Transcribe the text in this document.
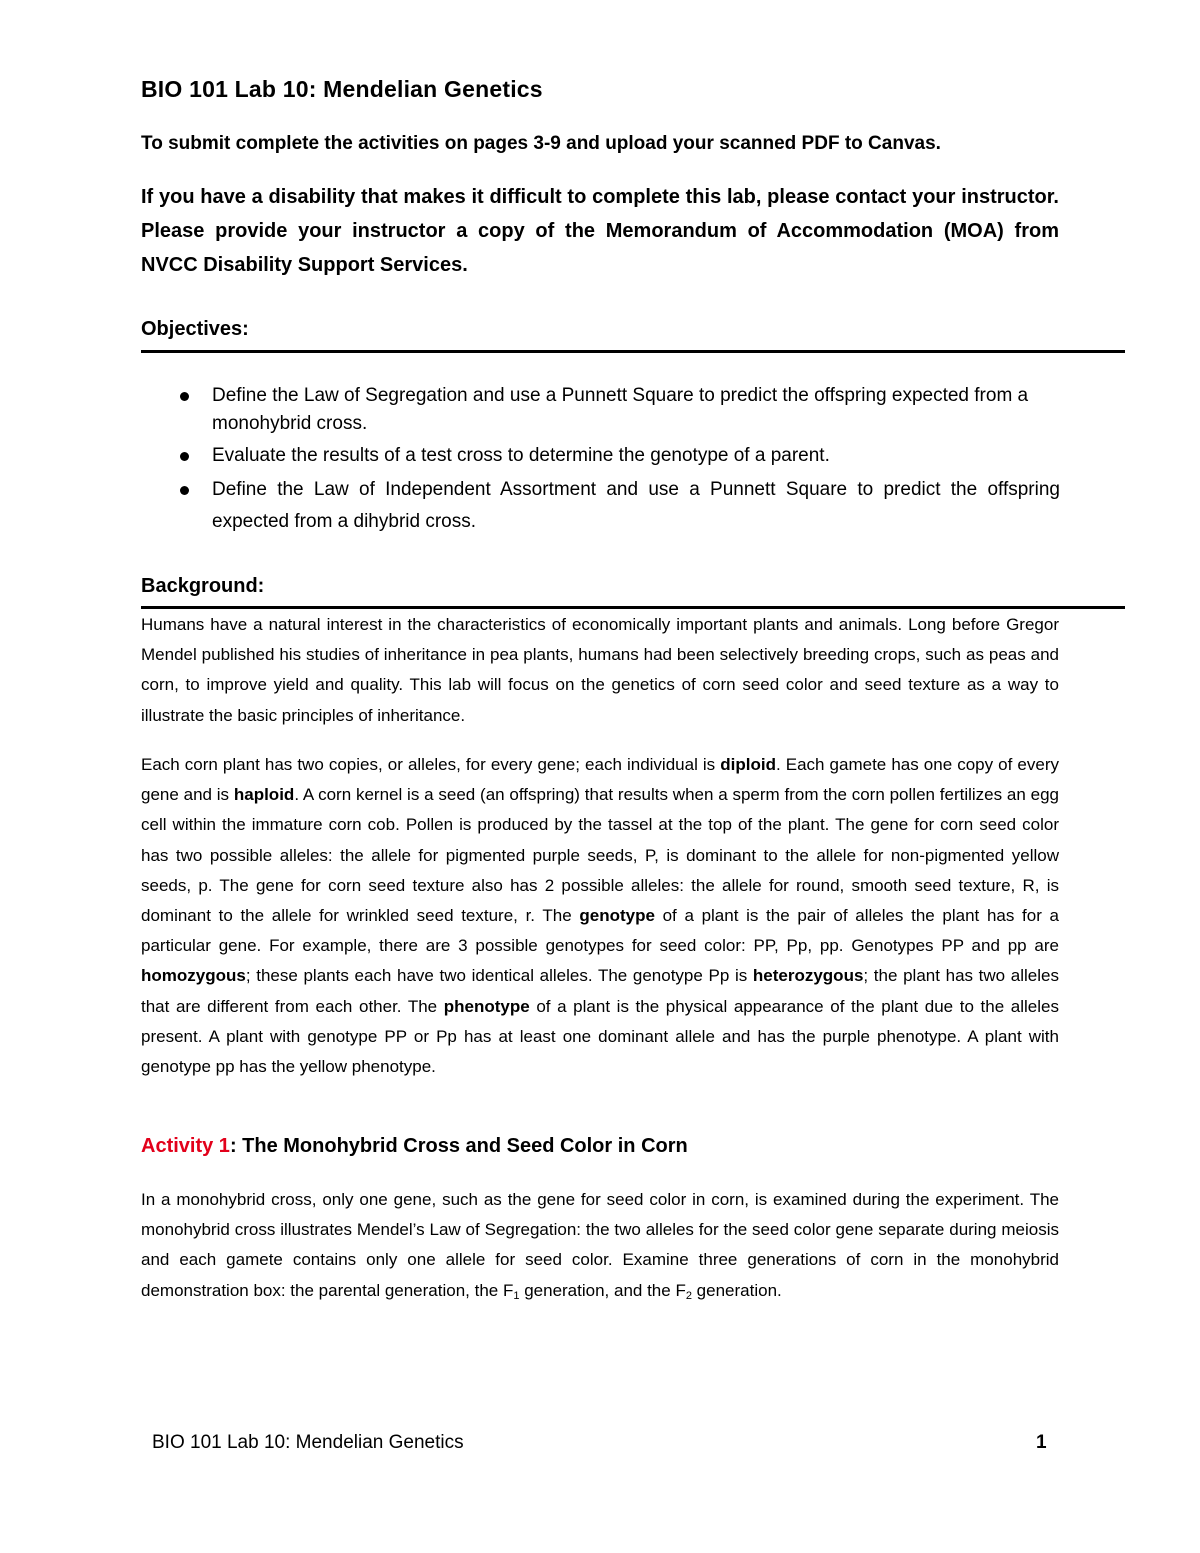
BIO 101 Lab 10: Mendelian Genetics
To submit complete the activities on pages 3-9 and upload your scanned PDF to Canvas.
If you have a disability that makes it difficult to complete this lab, please contact your instructor. Please provide your instructor a copy of the Memorandum of Accommodation (MOA) from NVCC Disability Support Services.
Objectives:
Define the Law of Segregation and use a Punnett Square to predict the offspring expected from a monohybrid cross.
Evaluate the results of a test cross to determine the genotype of a parent.
Define the Law of Independent Assortment and use a Punnett Square to predict the offspring expected from a dihybrid cross.
Background:

Humans have a natural interest in the characteristics of economically important plants and animals. Long before Gregor Mendel published his studies of inheritance in pea plants, humans had been selectively breeding crops, such as peas and corn, to improve yield and quality. This lab will focus on the genetics of corn seed color and seed texture as a way to illustrate the basic principles of inheritance.

Each corn plant has two copies, or alleles, for every gene; each individual is diploid. Each gamete has one copy of every gene and is haploid. A corn kernel is a seed (an offspring) that results when a sperm from the corn pollen fertilizes an egg cell within the immature corn cob. Pollen is produced by the tassel at the top of the plant. The gene for corn seed color has two possible alleles: the allele for pigmented purple seeds, P, is dominant to the allele for non-pigmented yellow seeds, p. The gene for corn seed texture also has 2 possible alleles: the allele for round, smooth seed texture, R, is dominant to the allele for wrinkled seed texture, r. The genotype of a plant is the pair of alleles the plant has for a particular gene. For example, there are 3 possible genotypes for seed color: PP, Pp, pp. Genotypes PP and pp are homozygous; these plants each have two identical alleles. The genotype Pp is heterozygous; the plant has two alleles that are different from each other. The phenotype of a plant is the physical appearance of the plant due to the alleles present. A plant with genotype PP or Pp has at least one dominant allele and has the purple phenotype. A plant with genotype pp has the yellow phenotype.

Activity 1: The Monohybrid Cross and Seed Color in Corn

In a monohybrid cross, only one gene, such as the gene for seed color in corn, is examined during the experiment. The monohybrid cross illustrates Mendel’s Law of Segregation: the two alleles for the seed color gene separate during meiosis and each gamete contains only one allele for seed color. Examine three generations of corn in the monohybrid demonstration box: the parental generation, the $F_1$ generation, and the $F_2$ generation.

BIO 101 Lab 10: Mendelian Genetics	1
